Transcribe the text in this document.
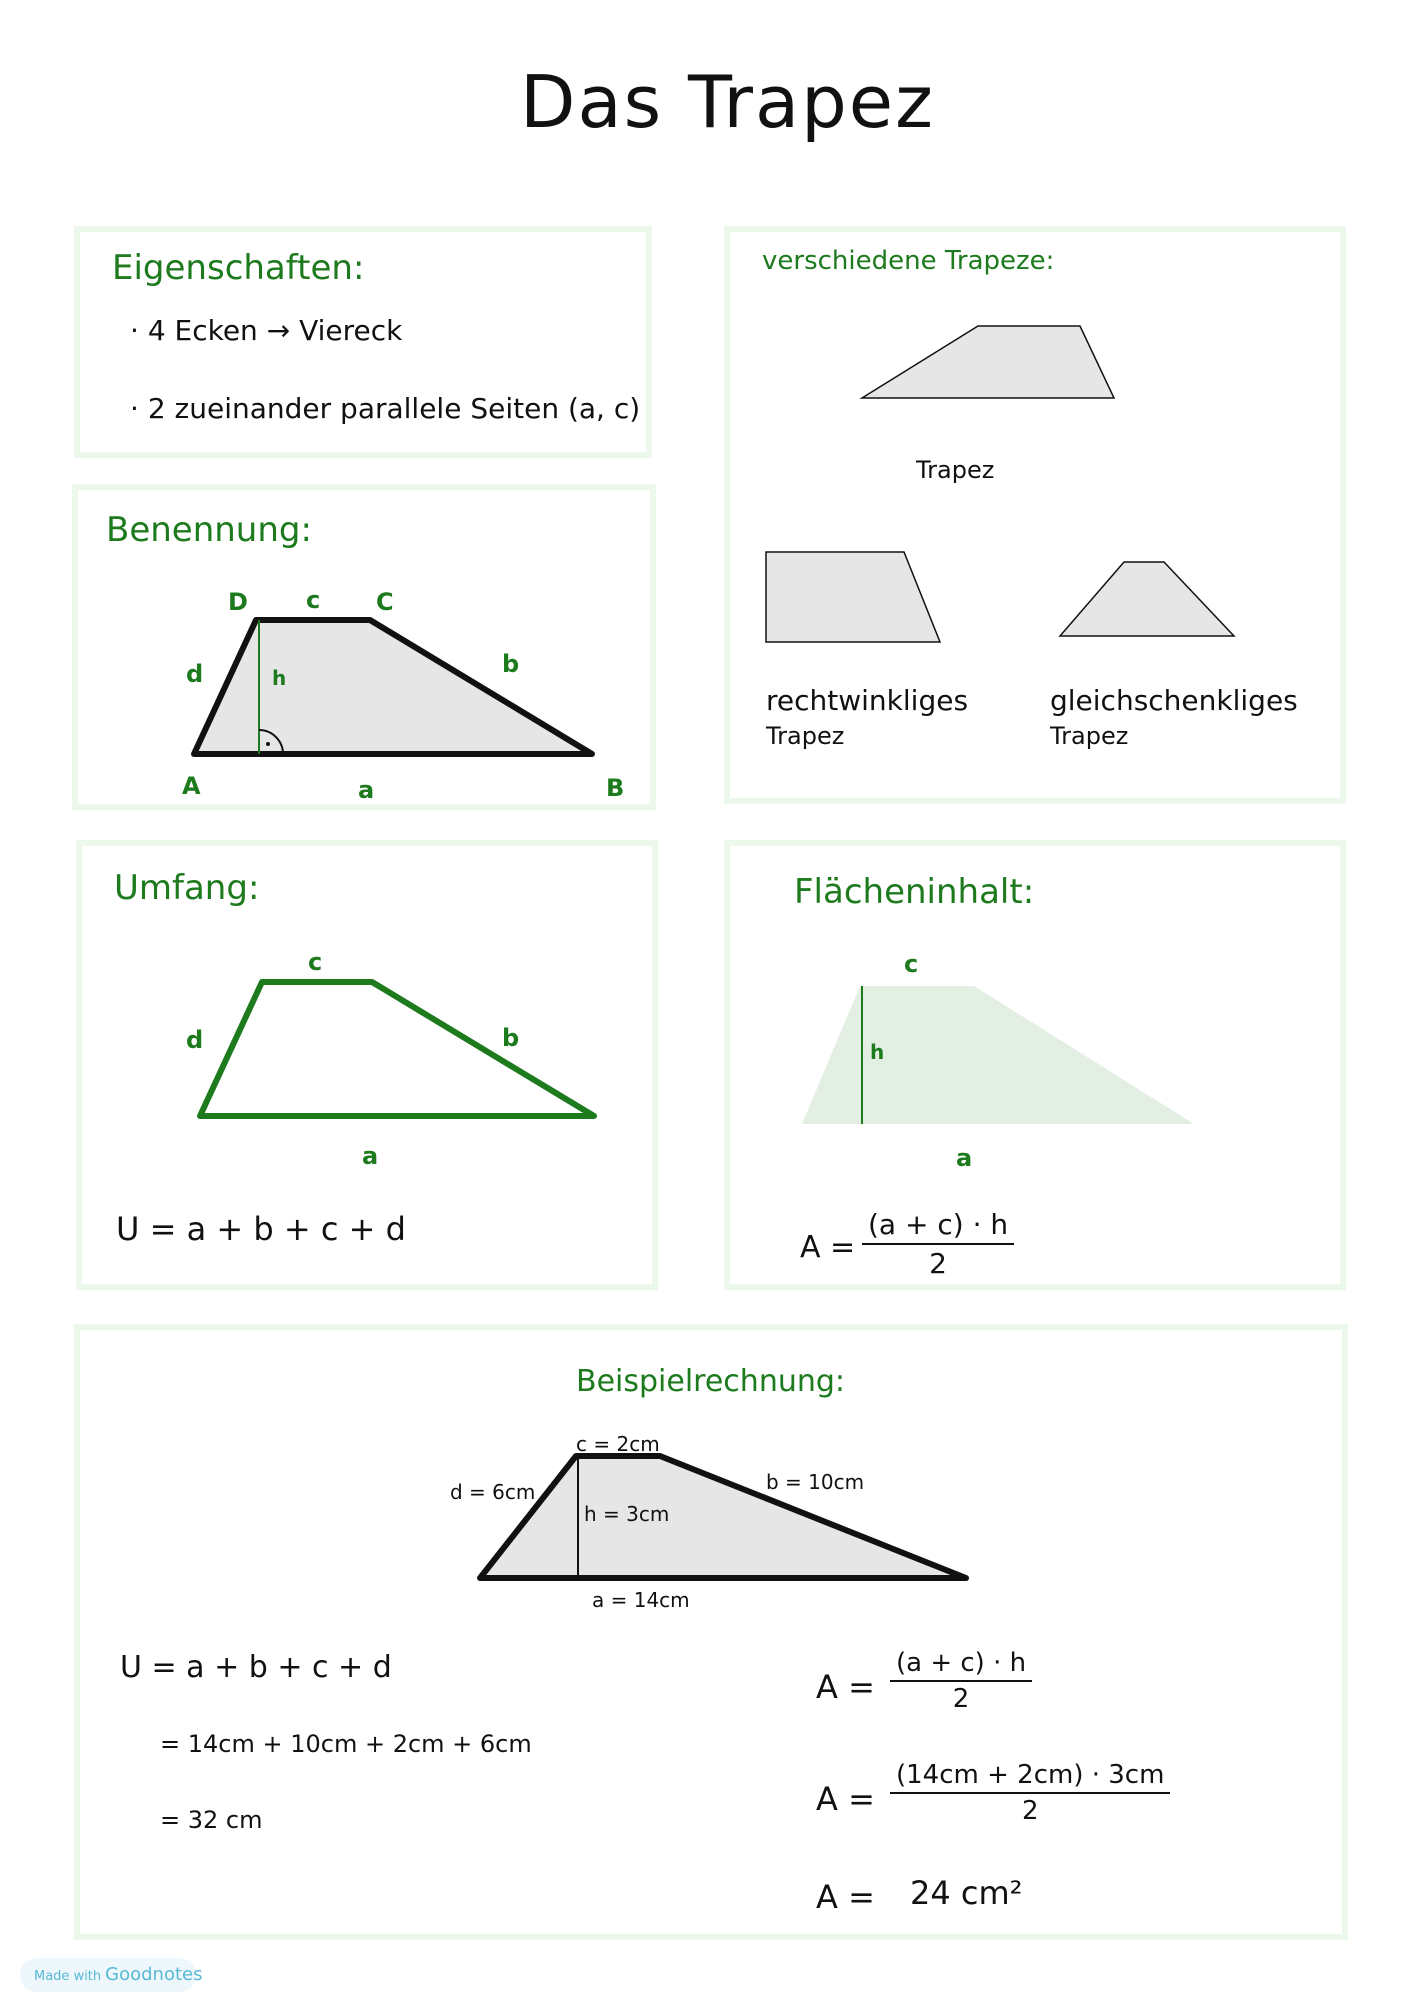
Das Trapez
Eigenschaften:
· 4 Ecken → Viereck
· 2 zueinander parallele Seiten (a, c)
Benennung:
D c C
d	h	b
A	a	B
verschiedene Trapeze:
Trapez
rechtwinkliges
Trapez
gleichschenkliges
Trapez
Umfang:
c
d	b
a
U = a + b + c + d
Flächeninhalt:
c
h
a
$A = \frac{(a + c) \cdot h}{2}$
Beispielrechnung:
c = 2cm
d = 6cm	b = 10cm
h = 3cm
a = 14cm
U = a + b + c + d
= 14cm + 10cm + 2cm + 6cm
= 32 cm
$A = \frac{(a + c) \cdot h}{2}$
$A = \frac{(14cm + 2cm) \cdot 3cm}{2}$
A = 24 cm²
Made with Goodnotes
